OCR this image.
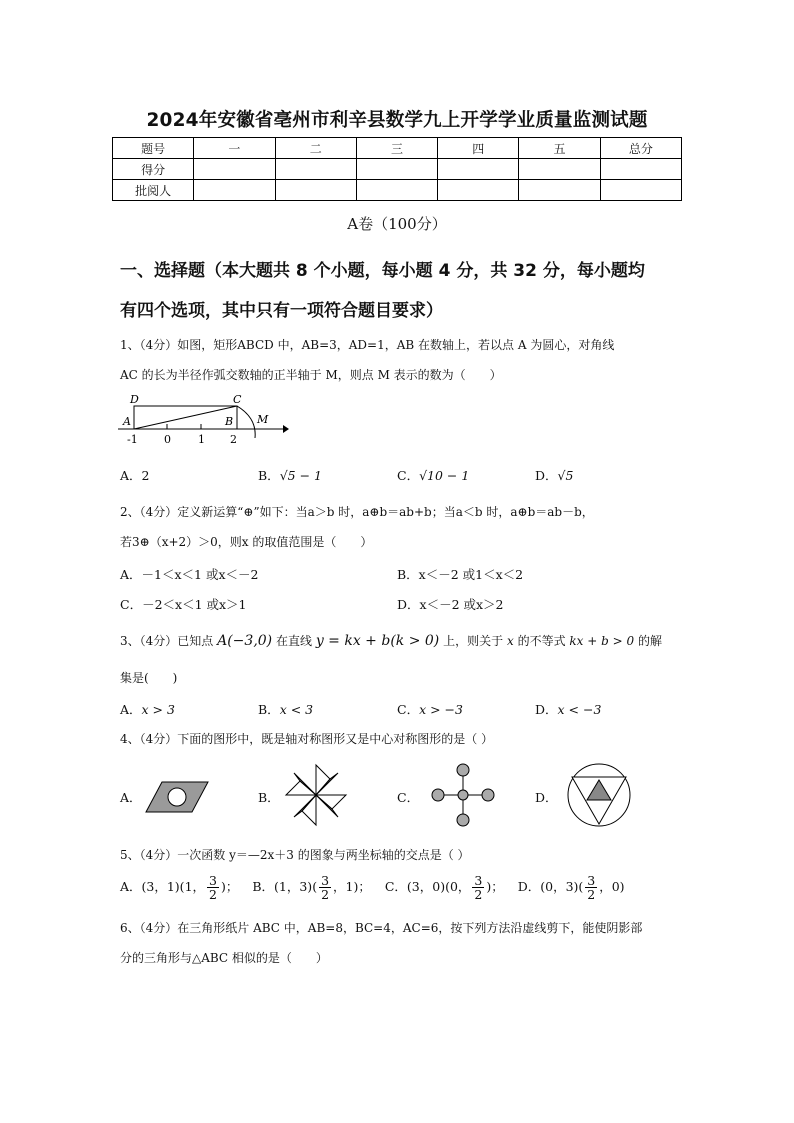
2024年安徽省亳州市利辛县数学九上开学学业质量监测试题
题号	一	二	三	四	五	总分
得分						
批阅人						
A卷（100分）
一、选择题（本大题共 8 个小题，每小题 4 分，共 32 分，每小题均
有四个选项，其中只有一项符合题目要求）
1、（4分）如图，矩形ABCD 中，AB=3，AD=1，AB 在数轴上，若以点 A 为圆心，对角线
AC 的长为半径作弧交数轴的正半轴于 M，则点 M 表示的数为（　　）
D	C
A	B M
-1 0 1 2
A．2	B．√5 − 1	C．√10 − 1	D．√5
2、（4分）定义新运算“⊕”如下：当a＞b 时，a⊕b＝ab+b；当a＜b 时，a⊕b＝ab－b，
若3⊕（x+2）＞0，则x 的取值范围是（　　）
A．－1＜x＜1 或x＜－2	B．x＜－2 或1＜x＜2
C．－2＜x＜1 或x＞1	D．x＜－2 或x＞2
3、（4分）已知点 A(−3,0) 在直线 y = kx + b(k > 0) 上，则关于 x 的不等式 kx + b > 0 的解
集是(　　)
A．x > 3	B．x < 3	C．x > −3	D．x < −3
4、（4分）下面的图形中，既是轴对称图形又是中心对称图形的是（ ）
A．	B．	C．	D．
5、（4分）一次函数 y＝—2x＋3 的图象与两坐标轴的交点是（ ）
A．(3，1)(1， $\frac{3}{2}$ )； B．(1，$3)( \frac{3}{2}$ ，1)； C．(3，0)(0， $\frac{3}{2}$ )； D．(0，$3)( \frac{3}{2}$ ，0)
6、（4分）在三角形纸片 ABC 中，AB=8，BC=4，AC=6，按下列方法沿虚线剪下，能使阴影部
分的三角形与△ABC 相似的是（　　）
